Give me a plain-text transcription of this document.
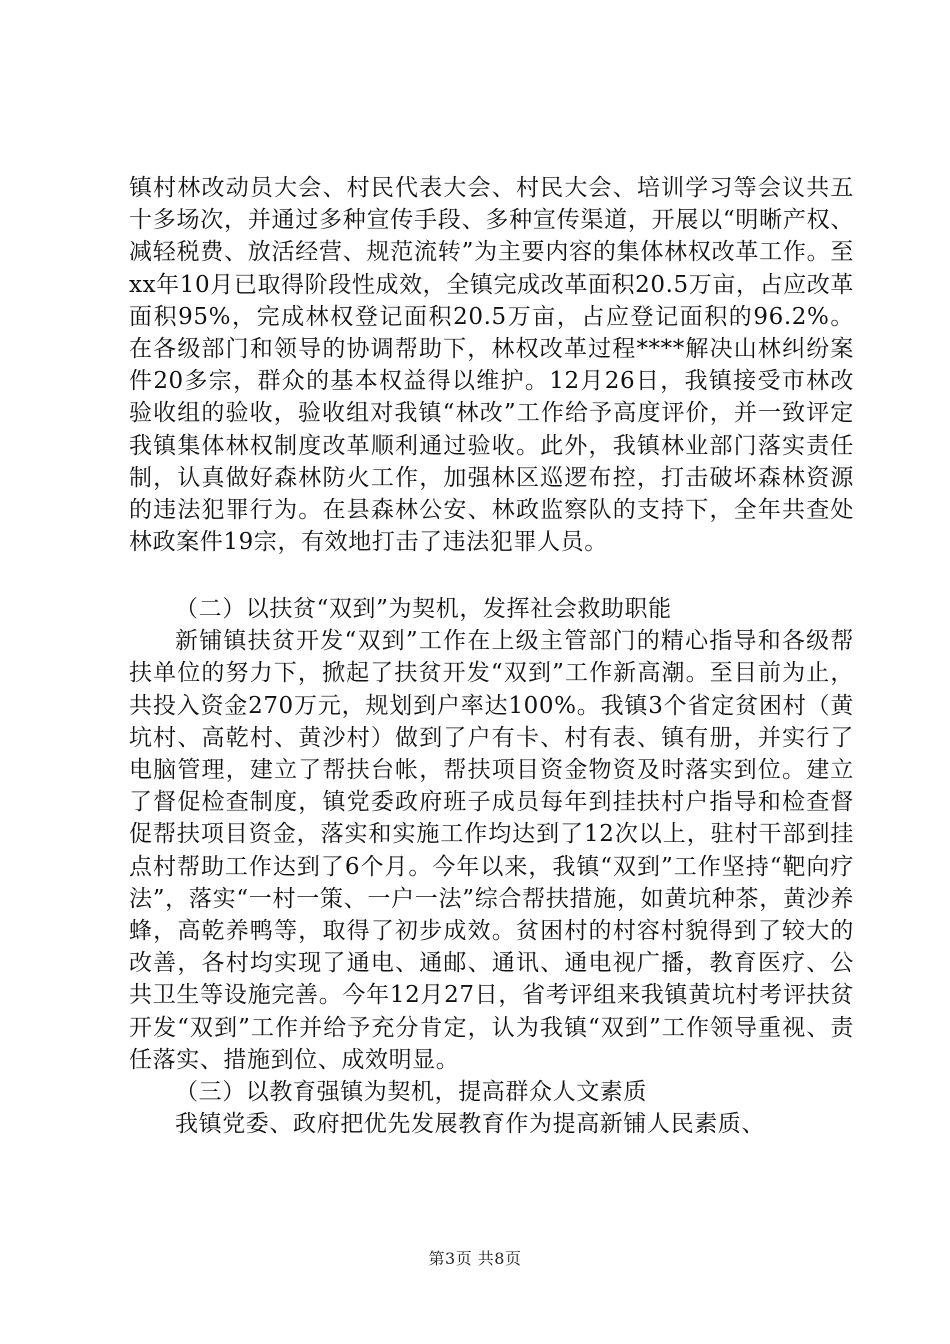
镇村林改动员大会、村民代表大会、村民大会、培训学习等会议共五十多场次，并通过多种宣传手段、多种宣传渠道，开展以“明晰产权、减轻税费、放活经营、规范流转”为主要内容的集体林权改革工作。至xx年10月已取得阶段性成效，全镇完成改革面积20.5万亩，占应改革面积95%，完成林权登记面积20.5万亩，占应登记面积的96.2%。在各级部门和领导的协调帮助下，林权改革过程****解决山林纠纷案件20多宗，群众的基本权益得以维护。12月26日，我镇接受市林改验收组的验收，验收组对我镇“林改”工作给予高度评价，并一致评定我镇集体林权制度改革顺利通过验收。此外，我镇林业部门落实责任制，认真做好森林防火工作，加强林区巡逻布控，打击破坏森林资源的违法犯罪行为。在县森林公安、林政监察队的支持下，全年共查处林政案件19宗，有效地打击了违法犯罪人员。

（二）以扶贫“双到”为契机，发挥社会救助职能

新铺镇扶贫开发“双到”工作在上级主管部门的精心指导和各级帮扶单位的努力下，掀起了扶贫开发“双到”工作新高潮。至目前为止，共投入资金270万元，规划到户率达100%。我镇3个省定贫困村（黄坑村、高乾村、黄沙村）做到了户有卡、村有表、镇有册，并实行了电脑管理，建立了帮扶台帐，帮扶项目资金物资及时落实到位。建立了督促检查制度，镇党委政府班子成员每年到挂扶村户指导和检查督促帮扶项目资金，落实和实施工作均达到了12次以上，驻村干部到挂点村帮助工作达到了6个月。今年以来，我镇“双到”工作坚持“靶向疗法”，落实“一村一策、一户一法”综合帮扶措施，如黄坑种茶，黄沙养蜂，高乾养鸭等，取得了初步成效。贫困村的村容村貌得到了较大的改善，各村均实现了通电、通邮、通讯、通电视广播，教育医疗、公共卫生等设施完善。今年12月27日，省考评组来我镇黄坑村考评扶贫开发“双到”工作并给予充分肯定，认为我镇“双到”工作领导重视、责任落实、措施到位、成效明显。

（三）以教育强镇为契机，提高群众人文素质

我镇党委、政府把优先发展教育作为提高新铺人民素质、

第3页 共8页
